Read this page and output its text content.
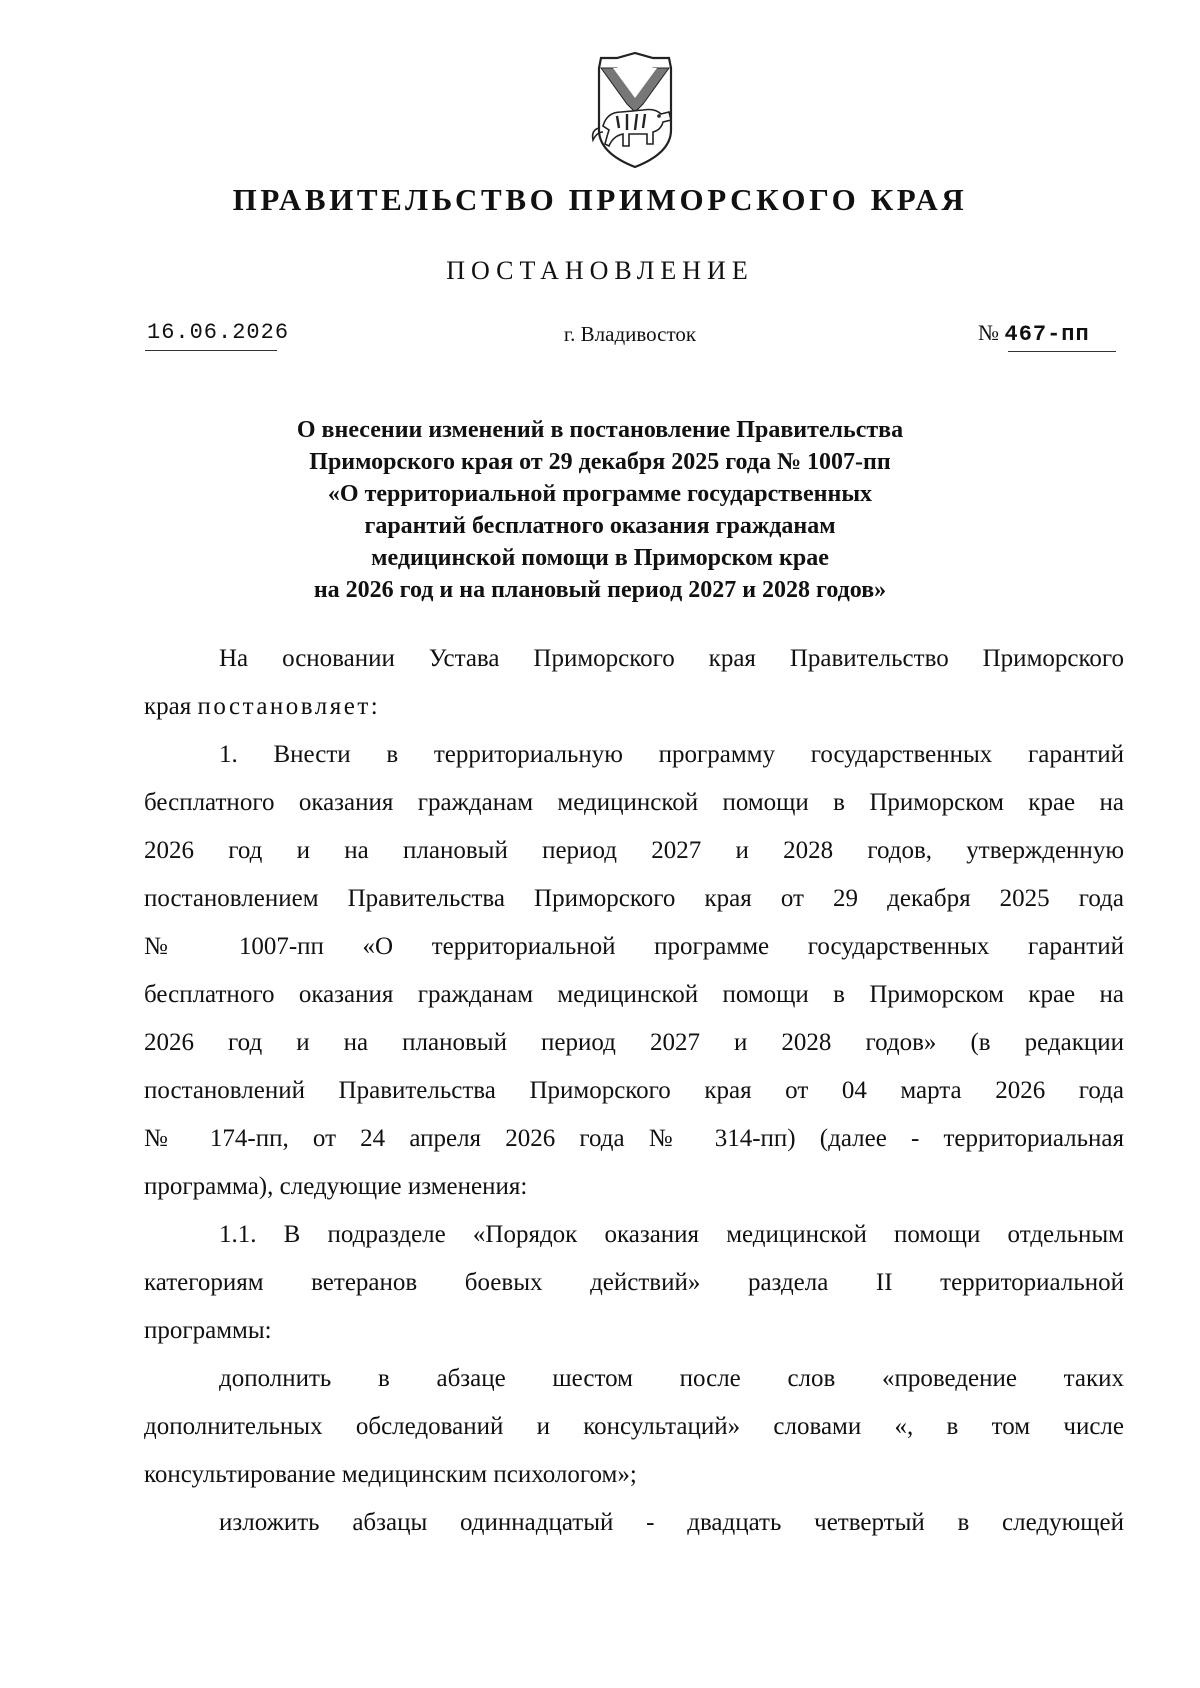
ПРАВИТЕЛЬСТВО ПРИМОРСКОГО КРАЯ
ПОСТАНОВЛЕНИЕ
16.06.2026	г. Владивосток	№ 467-пп
О внесении изменений в постановление Правительства
Приморского края от 29 декабря 2025 года № 1007-пп
«О территориальной программе государственных
гарантий бесплатного оказания гражданам
медицинской помощи в Приморском крае
на 2026 год и на плановый период 2027 и 2028 годов»
На основании Устава Приморского края Правительство Приморского
края постановляет:
1. Внести в территориальную программу государственных гарантий
бесплатного оказания гражданам медицинской помощи в Приморском крае на
2026 год и на плановый период 2027 и 2028 годов, утвержденную
постановлением Правительства Приморского края от 29 декабря 2025 года
№ 1007-пп «О территориальной программе государственных гарантий
бесплатного оказания гражданам медицинской помощи в Приморском крае на
2026 год и на плановый период 2027 и 2028 годов» (в редакции
постановлений Правительства Приморского края от 04 марта 2026 года
№ 174-пп, от 24 апреля 2026 года № 314-пп) (далее - территориальная
программа), следующие изменения:
1.1. В подразделе «Порядок оказания медицинской помощи отдельным
категориям ветеранов боевых действий» раздела II территориальной
программы:
дополнить в абзаце шестом после слов «проведение таких
дополнительных обследований и консультаций» словами «, в том числе
консультирование медицинским психологом»;
изложить абзацы одиннадцатый - двадцать четвертый в следующей
